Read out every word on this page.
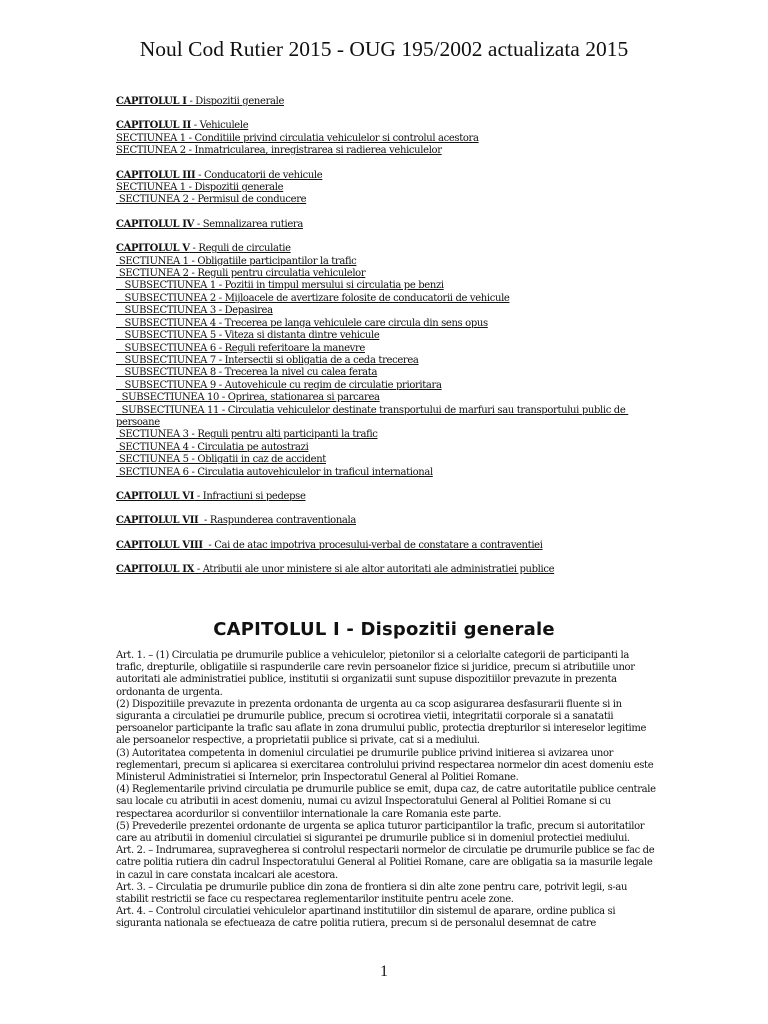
Noul Cod Rutier 2015 - OUG 195/2002 actualizata 2015
CAPITOLUL I - Dispozitii generale
CAPITOLUL II - Vehiculele
SECTIUNEA 1 - Conditiile privind circulatia vehiculelor si controlul acestora
SECTIUNEA 2 - Inmatricularea, inregistrarea si radierea vehiculelor
CAPITOLUL III - Conducatorii de vehicule
SECTIUNEA 1 - Dispozitii generale
SECTIUNEA 2 - Permisul de conducere
CAPITOLUL IV - Semnalizarea rutiera
CAPITOLUL V - Reguli de circulatie
SECTIUNEA 1 - Obligatiile participantilor la trafic
SECTIUNEA 2 - Reguli pentru circulatia vehiculelor
SUBSECTIUNEA 1 - Pozitii in timpul mersului si circulatia pe benzi
SUBSECTIUNEA 2 - Mijloacele de avertizare folosite de conducatorii de vehicule
SUBSECTIUNEA 3 - Depasirea
SUBSECTIUNEA 4 - Trecerea pe langa vehiculele care circula din sens opus
SUBSECTIUNEA 5 - Viteza si distanta dintre vehicule
SUBSECTIUNEA 6 - Reguli referitoare la manevre
SUBSECTIUNEA 7 - Intersectii si obligatia de a ceda trecerea
SUBSECTIUNEA 8 - Trecerea la nivel cu calea ferata
SUBSECTIUNEA 9 - Autovehicule cu regim de circulatie prioritara
SUBSECTIUNEA 10 - Oprirea, stationarea si parcarea
SUBSECTIUNEA 11 - Circulatia vehiculelor destinate transportului de marfuri sau transportului public de persoane
SECTIUNEA 3 - Reguli pentru alti participanti la trafic
SECTIUNEA 4 - Circulatia pe autostrazi
SECTIUNEA 5 - Obligatii in caz de accident
SECTIUNEA 6 - Circulatia autovehiculelor in traficul international
CAPITOLUL VI - Infractiuni si pedepse
CAPITOLUL VII  - Raspunderea contraventionala
CAPITOLUL VIII  - Cai de atac impotriva procesului-verbal de constatare a contraventiei
CAPITOLUL IX - Atributii ale unor ministere si ale altor autoritati ale administratiei publice
CAPITOLUL I - Dispozitii generale

Art. 1. – (1) Circulatia pe drumurile publice a vehiculelor, pietonilor si a celorlalte categorii de participanti la trafic, drepturile, obligatiile si raspunderile care revin persoanelor fizice si juridice, precum si atributiile unor autoritati ale administratiei publice, institutii si organizatii sunt supuse dispozitiilor prevazute in prezenta ordonanta de urgenta.

(2) Dispozitiile prevazute in prezenta ordonanta de urgenta au ca scop asigurarea desfasurarii fluente si in siguranta a circulatiei pe drumurile publice, precum si ocrotirea vietii, integritatii corporale si a sanatatii persoanelor participante la trafic sau aflate in zona drumului public, protectia drepturilor si intereselor legitime ale persoanelor respective, a proprietatii publice si private, cat si a mediului.

(3) Autoritatea competenta in domeniul circulatiei pe drumurile publice privind initierea si avizarea unor reglementari, precum si aplicarea si exercitarea controlului privind respectarea normelor din acest domeniu este Ministerul Administratiei si Internelor, prin Inspectoratul General al Politiei Romane.

(4) Reglementarile privind circulatia pe drumurile publice se emit, dupa caz, de catre autoritatile publice centrale sau locale cu atributii in acest domeniu, numai cu avizul Inspectoratului General al Politiei Romane si cu respectarea acordurilor si conventiilor internationale la care Romania este parte.

(5) Prevederile prezentei ordonante de urgenta se aplica tuturor participantilor la trafic, precum si autoritatilor care au atributii in domeniul circulatiei si sigurantei pe drumurile publice si in domeniul protectiei mediului.

Art. 2. – Indrumarea, supravegherea si controlul respectarii normelor de circulatie pe drumurile publice se fac de catre politia rutiera din cadrul Inspectoratului General al Politiei Romane, care are obligatia sa ia masurile legale in cazul in care constata incalcari ale acestora.

Art. 3. – Circulatia pe drumurile publice din zona de frontiera si din alte zone pentru care, potrivit legii, s-au stabilit restrictii se face cu respectarea reglementarilor instituite pentru acele zone.

Art. 4. – Controlul circulatiei vehiculelor apartinand institutiilor din sistemul de aparare, ordine publica si siguranta nationala se efectueaza de catre politia rutiera, precum si de personalul desemnat de catre

1
